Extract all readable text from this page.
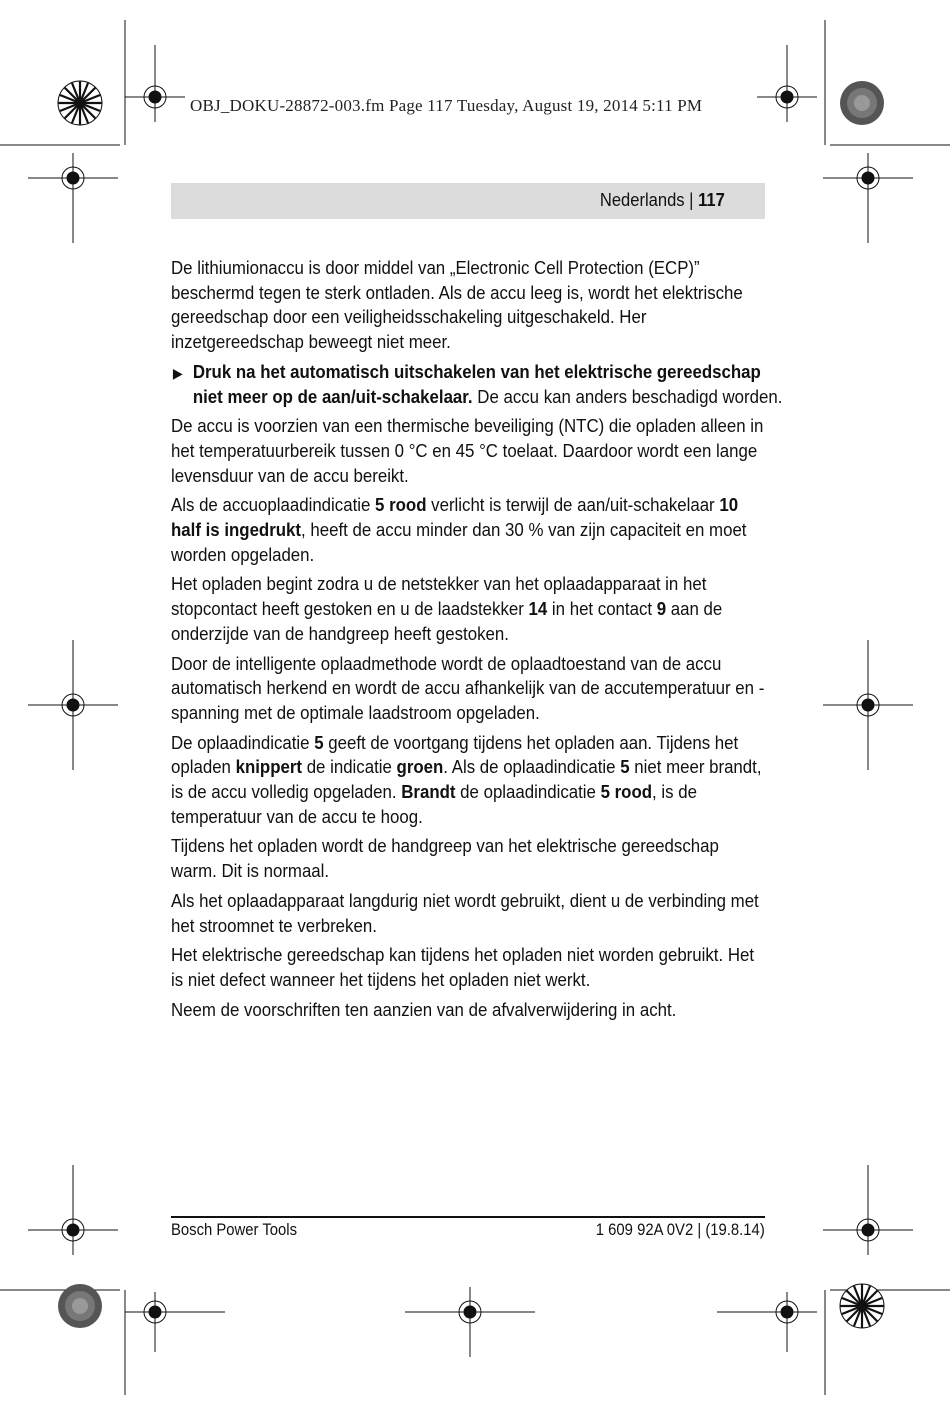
OBJ_DOKU-28872-003.fm Page 117 Tuesday, August 19, 2014 5:11 PM
Nederlands | 117

De lithiumionaccu is door middel van „Electronic Cell Protection (ECP)” beschermd tegen te sterk ontladen. Als de accu leeg is, wordt het elektrische gereedschap door een veiligheidsschakeling uitgeschakeld. Her inzetgereedschap beweegt niet meer.

▶ Druk na het automatisch uitschakelen van het elektrische gereedschap niet meer op de aan/uit-schakelaar. De accu kan anders beschadigd worden.

De accu is voorzien van een thermische beveiliging (NTC) die opladen alleen in het temperatuurbereik tussen 0 °C en 45 °C toelaat. Daardoor wordt een lange levensduur van de accu bereikt.

Als de accuoplaadindicatie 5 rood verlicht is terwijl de aan/uit-schakelaar 10 half is ingedrukt, heeft de accu minder dan 30 % van zijn capaciteit en moet worden opgeladen.

Het opladen begint zodra u de netstekker van het oplaadapparaat in het stopcontact heeft gestoken en u de laadstekker 14 in het contact 9 aan de onderzijde van de handgreep heeft gestoken.

Door de intelligente oplaadmethode wordt de oplaadtoestand van de accu automatisch herkend en wordt de accu afhankelijk van de accutemperatuur en -spanning met de optimale laadstroom opgeladen.

De oplaadindicatie 5 geeft de voortgang tijdens het opladen aan. Tijdens het opladen knippert de indicatie groen. Als de oplaadindicatie 5 niet meer brandt, is de accu volledig opgeladen. Brandt de oplaadindicatie 5 rood, is de temperatuur van de accu te hoog.

Tijdens het opladen wordt de handgreep van het elektrische gereedschap warm. Dit is normaal.

Als het oplaadapparaat langdurig niet wordt gebruikt, dient u de verbinding met het stroomnet te verbreken.

Het elektrische gereedschap kan tijdens het opladen niet worden gebruikt. Het is niet defect wanneer het tijdens het opladen niet werkt.

Neem de voorschriften ten aanzien van de afvalverwijdering in acht.

Bosch Power Tools	1 609 92A 0V2 | (19.8.14)
